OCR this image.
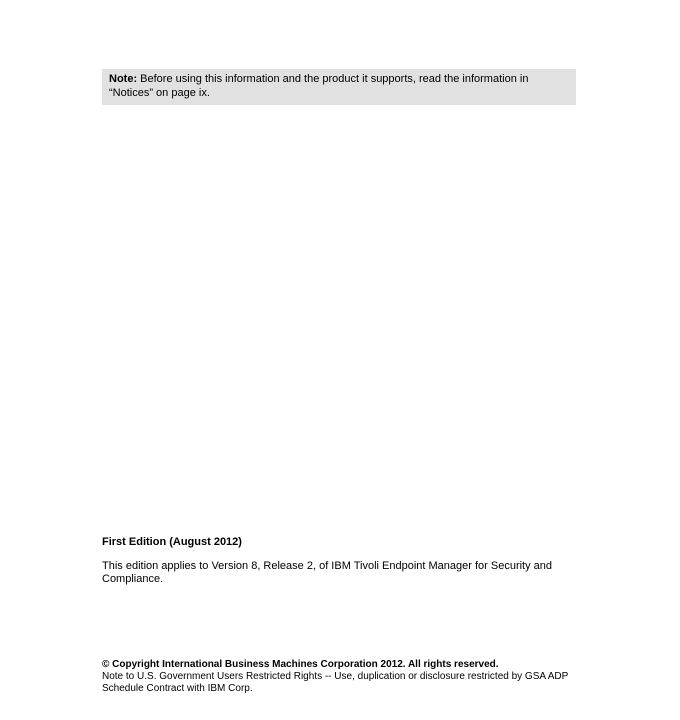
Note: Before using this information and the product it supports, read the information in “Notices” on page ix.

First Edition (August 2012)

This edition applies to Version 8, Release 2, of IBM Tivoli Endpoint Manager for Security and Compliance.

© Copyright International Business Machines Corporation 2012. All rights reserved.

Note to U.S. Government Users Restricted Rights -- Use, duplication or disclosure restricted by GSA ADP Schedule Contract with IBM Corp.
